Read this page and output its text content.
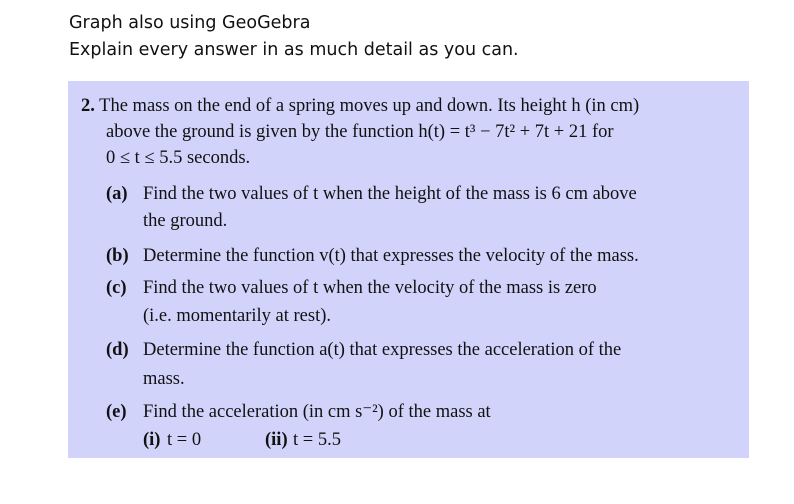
Graph also using GeoGebra
Explain every answer in as much detail as you can.
2. The mass on the end of a spring moves up and down. Its height h (in cm)
above the ground is given by the function h(t) = t³ − 7t² + 7t + 21 for
0 ≤ t ≤ 5.5 seconds.
(a) Find the two values of t when the height of the mass is 6 cm above
the ground.
(b) Determine the function v(t) that expresses the velocity of the mass.
(c) Find the two values of t when the velocity of the mass is zero
(i.e. momentarily at rest).
(d) Determine the function a(t) that expresses the acceleration of the
mass.
(e) Find the acceleration (in cm s⁻²) of the mass at
(i) t = 0	(ii) t = 5.5
